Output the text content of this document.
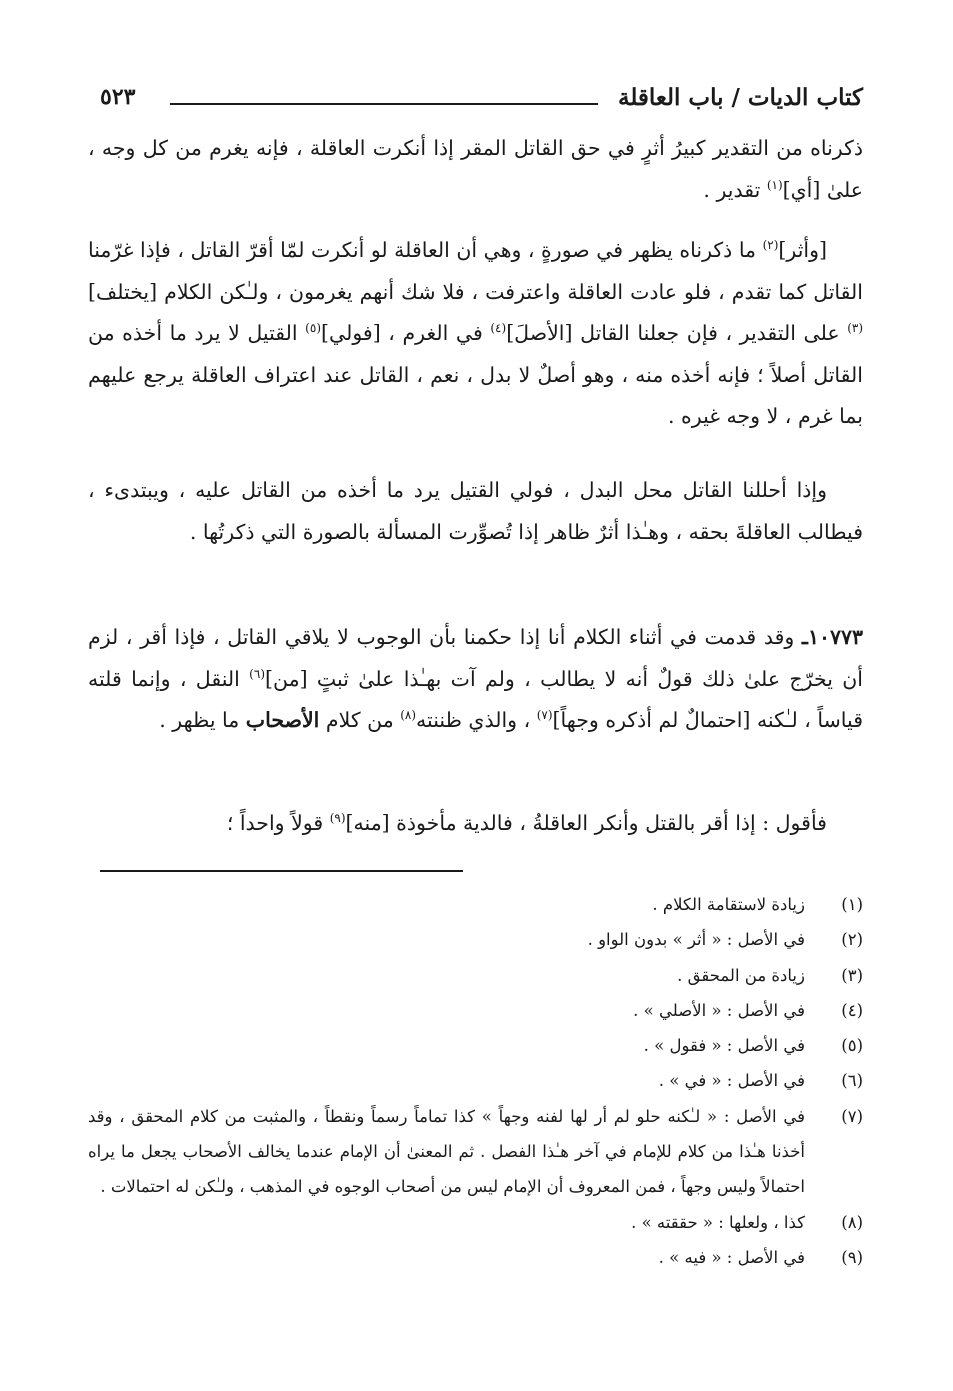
كتاب الديات / باب العاقلة
٥٢٣

ذكرناه من التقدير كبيرُ أثرٍ في حق القاتل المقر إذا أنكرت العاقلة ، فإنه يغرم من كل وجه ، علىٰ [أي]$^{(١)}$ تقدير .

[وأثر]$^{(٢)}$ ما ذكرناه يظهر في صورةٍ ، وهي أن العاقلة لو أنكرت لمّا أقرّ القاتل ، فإذا غرّمنا القاتل كما تقدم ، فلو عادت العاقلة واعترفت ، فلا شك أنهم يغرمون ، ولـٰكن الكلام [يختلف]$^{(٣)}$ على التقدير ، فإن جعلنا القاتل [الأصلَ]$^{(٤)}$ في الغرم ، [فولي]$^{(٥)}$ القتيل لا يرد ما أخذه من القاتل أصلاً ؛ فإنه أخذه منه ، وهو أصلٌ لا بدل ، نعم ، القاتل عند اعتراف العاقلة يرجع عليهم بما غرم ، لا وجه غيره .

وإذا أحللنا القاتل محل البدل ، فولي القتيل يرد ما أخذه من القاتل عليه ، ويبتدىء ، فيطالب العاقلةَ بحقه ، وهـٰذا أثرٌ ظاهر إذا تُصوِّرت المسألة بالصورة التي ذكرتُها .

١٠٧٧٣ـ وقد قدمت في أثناء الكلام أنا إذا حكمنا بأن الوجوب لا يلاقي القاتل ، فإذا أقر ، لزم أن يخرّج علىٰ ذلك قولٌ أنه لا يطالب ، ولم آت بهـٰذا علىٰ ثبتٍ [من]$^{(٦)}$ النقل ، وإنما قلته قياساً ، لـٰكنه [احتمالٌ لم أذكره وجهاً]$^{(٧)}$ ، والذي ظننته$^{(٨)}$ من كلام الأصحاب ما يظهر .

فأقول : إذا أقر بالقتل وأنكر العاقلةُ ، فالدية مأخوذة [منه]$^{(٩)}$ قولاً واحداً ؛

(١)
زيادة لاستقامة الكلام .
(٢)
في الأصل : « أثر » بدون الواو .
(٣)
زيادة من المحقق .
(٤)
في الأصل : « الأصلي » .
(٥)
في الأصل : « فقول » .
(٦)
في الأصل : « في » .
(٧)
في الأصل : « لـٰكنه حلو لم أر لها لفنه وجهاً » كذا تماماً رسماً ونقطاً ، والمثبت من كلام المحقق ، وقد أخذنا هـٰذا من كلام للإمام في آخر هـٰذا الفصل . ثم المعنىٰ أن الإمام عندما يخالف الأصحاب يجعل ما يراه احتمالاً وليس وجهاً ، فمن المعروف أن الإمام ليس من أصحاب الوجوه في المذهب ، ولـٰكن له احتمالات .
(٨)
كذا ، ولعلها : « حققته » .
(٩)
في الأصل : « فيه » .
